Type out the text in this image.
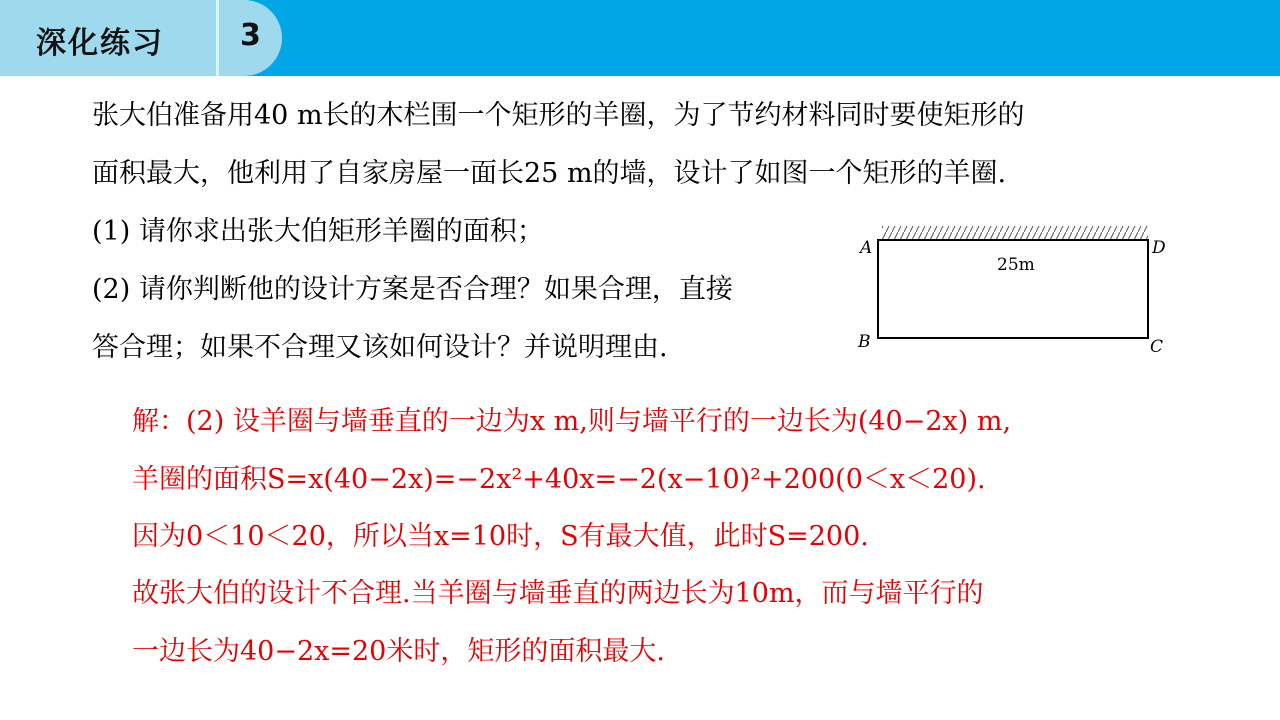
深化练习	3
张大伯准备用40 m长的木栏围一个矩形的羊圈，为了节约材料同时要使矩形的
面积最大，他利用了自家房屋一面长25 m的墙，设计了如图一个矩形的羊圈.
(1) 请你求出张大伯矩形羊圈的面积；
(2) 请你判断他的设计方案是否合理？如果合理，直接
答合理；如果不合理又该如何设计？并说明理由.
A	D
B	C
25m
解：(2) 设羊圈与墙垂直的一边为x m,则与墙平行的一边长为(40−2x) m,
羊圈的面积S=x(40−2x)=−2x²+40x=−2(x−10)²+200(0＜x＜20).
因为0＜10＜20，所以当x=10时，S有最大值，此时S=200.
故张大伯的设计不合理.当羊圈与墙垂直的两边长为10m，而与墙平行的
一边长为40−2x=20米时，矩形的面积最大.
